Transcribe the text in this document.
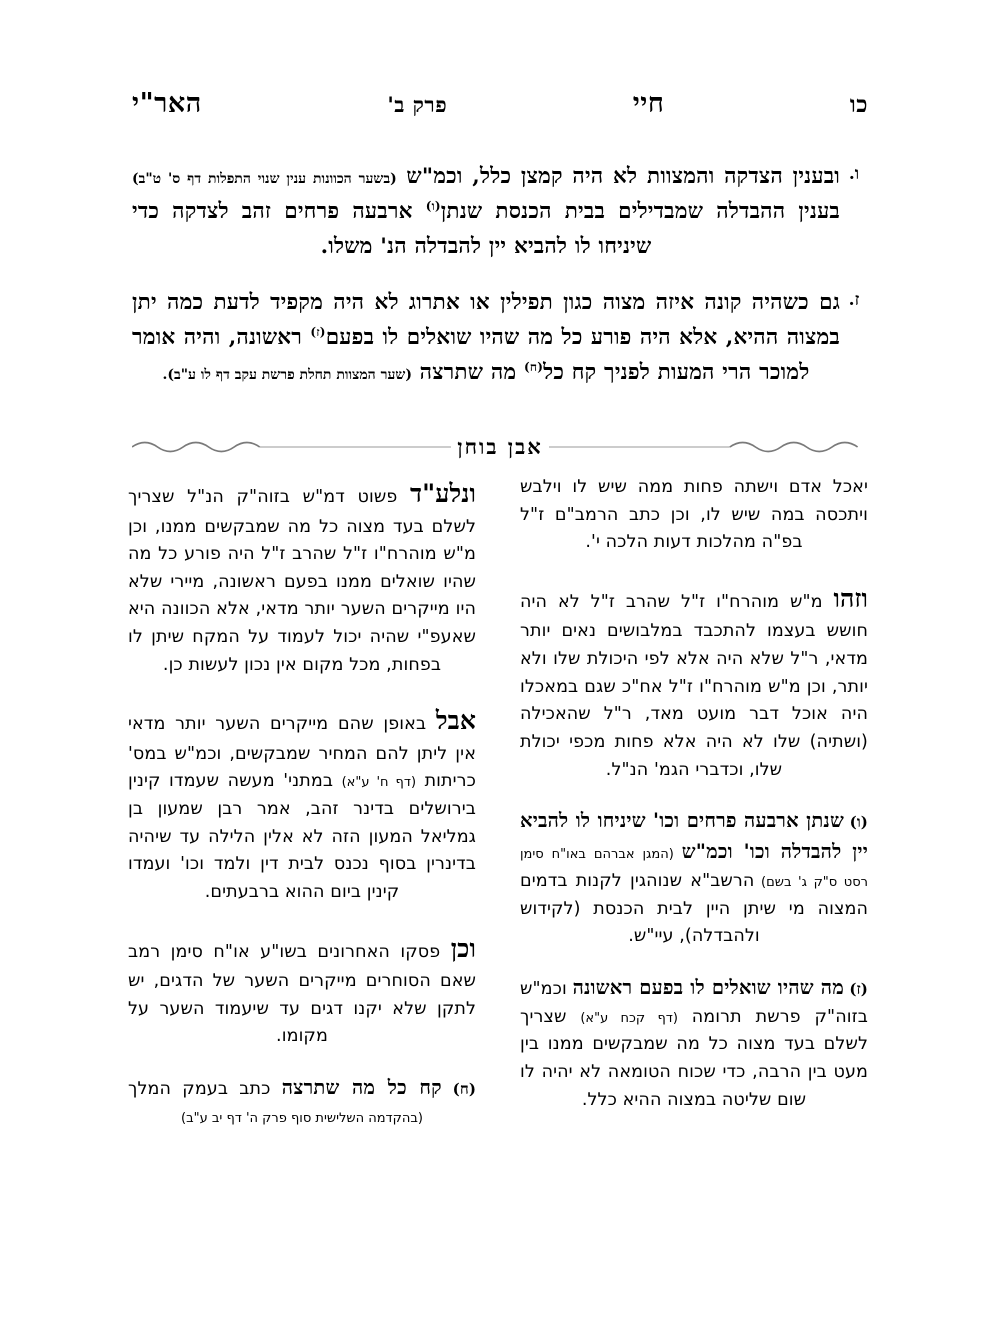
כו
חיי
פרק ב'
האר"י
ו.
ובענין הצדקה והמצוות לא היה קמצן כלל, וכמ"ש (בשער הכוונות ענין שנוי התפלות דף ס' ט"ב) בענין ההבדלה שמבדילים בבית הכנסת שנתן$^{(ו)}$ ארבעה פרחים זהב לצדקה כדי שיניחו לו להביא יין להבדלה הנ' משלו.
ז.
גם כשהיה קונה איזה מצוה כגון תפילין או אתרוג לא היה מקפיד לדעת כמה יתן במצוה ההיא, אלא היה פורע כל מה שהיו שואלים לו בפעם$^{(ז)}$ ראשונה, והיה אומר למוכר הרי המעות לפניך קח כל$^{(ח)}$ מה שתרצה (שער המצוות תחלת פרשת עקב דף לו ע"ב).
אבן בוחן
יאכל אדם וישתה פחות ממה שיש לו וילבש ויתכסה במה שיש לו, וכן כתב הרמב"ם ז"ל בפ"ה מהלכות דעות הלכה י'.
וזהו מ"ש מוהרח"ו ז"ל שהרב ז"ל לא היה חושש בעצמו להתכבד במלבושים נאים יותר מדאי, ר"ל שלא היה אלא לפי היכולת שלו ולא יותר, וכן מ"ש מוהרח"ו ז"ל אח"כ שגם במאכלו היה אוכל דבר מועט מאד, ר"ל שהאכילה (ושתיה) שלו לא היה אלא פחות מכפי יכולת שלו, וכדברי הגמ' הנ"ל.
(ו) שנתן ארבעה פרחים וכו' שיניחו לו להביא יין להבדלה וכו' וכמ"ש (המגן אברהם באו"ח סימן רסט ס"ק ג' בשם) הרשב"א שנוהגין לקנות בדמים המצוה מי שיתן היין לבית הכנסת (לקידוש ולהבדלה), עיי"ש.
(ז) מה שהיו שואלים לו בפעם ראשונה וכמ"ש בזוה"ק פרשת תרומה (דף קכח ע"א) שצריך לשלם בעד מצוה כל מה שמבקשים ממנו בין מעט בין הרבה, כדי שכוח הטומאה לא יהיה לו שום שליטה במצוה ההיא כלל.
ונלע"ד פשוט דמ"ש בזוה"ק הנ"ל שצריך לשלם בעד מצוה כל מה שמבקשים ממנו, וכן מ"ש מוהרח"ו ז"ל שהרב ז"ל היה פורע כל מה שהיו שואלים ממנו בפעם ראשונה, מיירי שלא היו מייקרים השער יותר מדאי, אלא הכוונה היא שאעפ"י שהיה יכול לעמוד על המקח שיתן לו בפחות, מכל מקום אין נכון לעשות כן.
אבל באופן שהם מייקרים השער יותר מדאי אין ליתן להם המחיר שמבקשים, וכמ"ש במס' כריתות (דף ח' ע"א) במתני' מעשה שעמדו קינין בירושלים בדינר זהב, אמר רבן שמעון בן גמליאל המעון הזה לא אלין הלילה עד שיהיה בדינרין בסוף נכנס לבית דין ולמד וכו' ועמדו קינין ביום ההוא ברבעתים.
וכן פסקו האחרונים בשו"ע או"ח סימן רמב שאם הסוחרים מייקרים השער של הדגים, יש לתקן שלא יקנו דגים עד שיעמוד השער על מקומו.
(ח) קח כל מה שתרצה כתב בעמק המלך (בהקדמה השלישית סוף פרק ה' דף יב ע"ב)
